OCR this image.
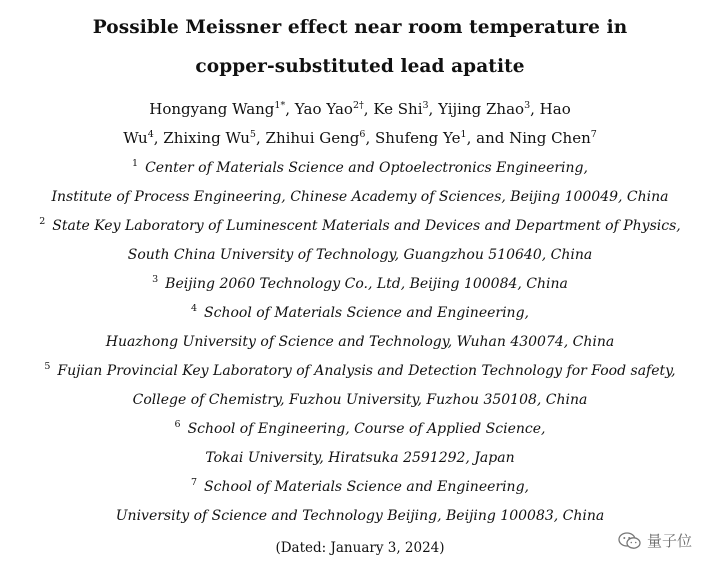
Possible Meissner effect near room temperature in
copper-substituted lead apatite
Hongyang Wang$^{1*}$, Yao Yao$^{2\dagger}$, Ke Shi$^3$, Yijing Zhao$^3$, Hao
Wu$^4$, Zhixing Wu$^5$, Zhihui Geng$^6$, Shufeng Ye$^1$, and Ning Chen$^7$
$^1$ Center of Materials Science and Optoelectronics Engineering,
Institute of Process Engineering, Chinese Academy of Sciences, Beijing 100049, China
$^2$ State Key Laboratory of Luminescent Materials and Devices and Department of Physics,
South China University of Technology, Guangzhou 510640, China
$^3$ Beijing 2060 Technology Co., Ltd, Beijing 100084, China
$^4$ School of Materials Science and Engineering,
Huazhong University of Science and Technology, Wuhan 430074, China
$^5$ Fujian Provincial Key Laboratory of Analysis and Detection Technology for Food safety,
College of Chemistry, Fuzhou University, Fuzhou 350108, China
$^6$ School of Engineering, Course of Applied Science,
Tokai University, Hiratsuka 2591292, Japan
$^7$ School of Materials Science and Engineering,
University of Science and Technology Beijing, Beijing 100083, China
(Dated: January 3, 2024)	量子位
